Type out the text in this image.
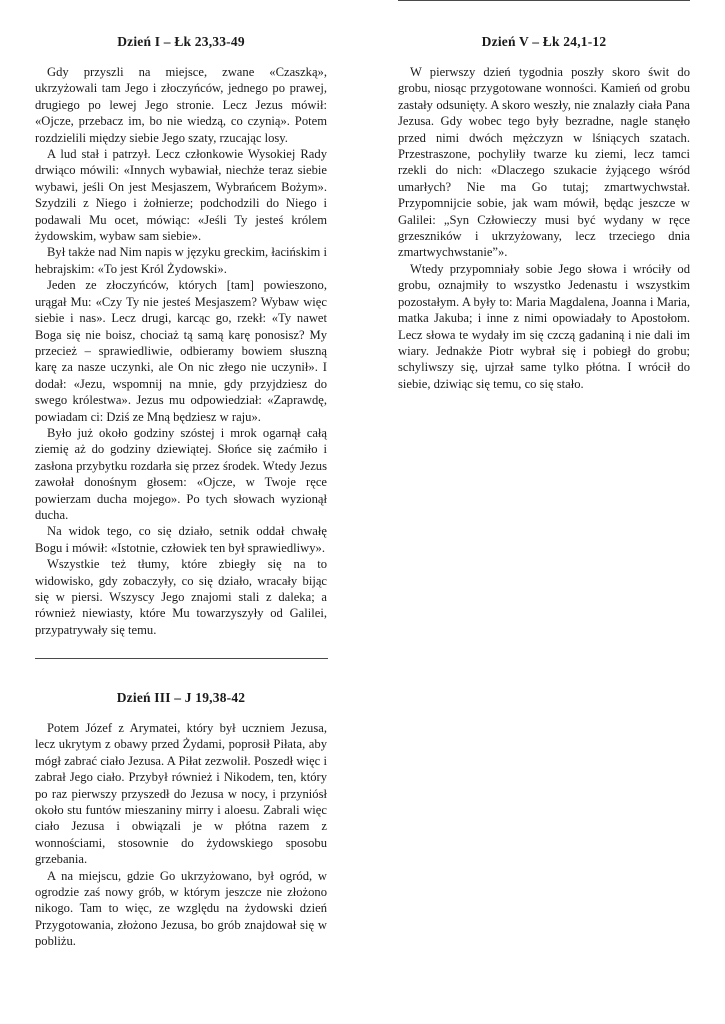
Dzień I – Łk 23,33-49

Gdy przyszli na miejsce, zwane «Czaszką», ukrzyżowali tam Jego i złoczyńców, jednego po prawej, drugiego po lewej Jego stronie. Lecz Jezus mówił: «Ojcze, przebacz im, bo nie wiedzą, co czynią». Potem rozdzielili między siebie Jego szaty, rzucając losy.

A lud stał i patrzył. Lecz członkowie Wysokiej Rady drwiąco mówili: «Innych wybawiał, niechże teraz siebie wybawi, jeśli On jest Mesjaszem, Wybrańcem Bożym». Szydzili z Niego i żołnierze; podchodzili do Niego i podawali Mu ocet, mówiąc: «Jeśli Ty jesteś królem żydowskim, wybaw sam siebie».

Był także nad Nim napis w języku greckim, łacińskim i hebrajskim: «To jest Król Żydowski».

Jeden ze złoczyńców, których [tam] powieszono, urągał Mu: «Czy Ty nie jesteś Mesjaszem? Wybaw więc siebie i nas». Lecz drugi, karcąc go, rzekł: «Ty nawet Boga się nie boisz, chociaż tą samą karę ponosisz? My przecież – sprawiedliwie, odbieramy bowiem słuszną karę za nasze uczynki, ale On nic złego nie uczynił». I dodał: «Jezu, wspomnij na mnie, gdy przyjdziesz do swego królestwa». Jezus mu odpowiedział: «Zaprawdę, powiadam ci: Dziś ze Mną będziesz w raju».

Było już około godziny szóstej i mrok ogarnął całą ziemię aż do godziny dziewiątej. Słońce się zaćmiło i zasłona przybytku rozdarła się przez środek. Wtedy Jezus zawołał donośnym głosem: «Ojcze, w Twoje ręce powierzam ducha mojego». Po tych słowach wyzionął ducha.

Na widok tego, co się działo, setnik oddał chwałę Bogu i mówił: «Istotnie, człowiek ten był sprawiedliwy».

Wszystkie też tłumy, które zbiegły się na to widowisko, gdy zobaczyły, co się działo, wracały bijąc się w piersi. Wszyscy Jego znajomi stali z daleka; a również niewiasty, które Mu towarzyszyły od Galilei, przypatrywały się temu.

Dzień III – J 19,38-42

Potem Józef z Arymatei, który był uczniem Jezusa, lecz ukrytym z obawy przed Żydami, poprosił Piłata, aby mógł zabrać ciało Jezusa. A Piłat zezwolił. Poszedł więc i zabrał Jego ciało. Przybył również i Nikodem, ten, który po raz pierwszy przyszedł do Jezusa w nocy, i przyniósł około stu funtów mieszaniny mirry i aloesu. Zabrali więc ciało Jezusa i obwiązali je w płótna razem z wonnościami, stosownie do żydowskiego sposobu grzebania.

A na miejscu, gdzie Go ukrzyżowano, był ogród, w ogrodzie zaś nowy grób, w którym jeszcze nie złożono nikogo. Tam to więc, ze względu na żydowski dzień Przygotowania, złożono Jezusa, bo grób znajdował się w pobliżu.

Dzień V – Łk 24,1-12

W pierwszy dzień tygodnia poszły skoro świt do grobu, niosąc przygotowane wonności. Kamień od grobu zastały odsunięty. A skoro weszły, nie znalazły ciała Pana Jezusa. Gdy wobec tego były bezradne, nagle stanęło przed nimi dwóch mężczyzn w lśniących szatach. Przestraszone, pochyliły twarze ku ziemi, lecz tamci rzekli do nich: «Dlaczego szukacie żyjącego wśród umarłych? Nie ma Go tutaj; zmartwychwstał. Przypomnijcie sobie, jak wam mówił, będąc jeszcze w Galilei: „Syn Człowieczy musi być wydany w ręce grzeszników i ukrzyżowany, lecz trzeciego dnia zmartwychwstanie”».

Wtedy przypomniały sobie Jego słowa i wróciły od grobu, oznajmiły to wszystko Jedenastu i wszystkim pozostałym. A były to: Maria Magdalena, Joanna i Maria, matka Jakuba; i inne z nimi opowiadały to Apostołom. Lecz słowa te wydały im się czczą gadaniną i nie dali im wiary. Jednakże Piotr wybrał się i pobiegł do grobu; schyliwszy się, ujrzał same tylko płótna. I wrócił do siebie, dziwiąc się temu, co się stało.
